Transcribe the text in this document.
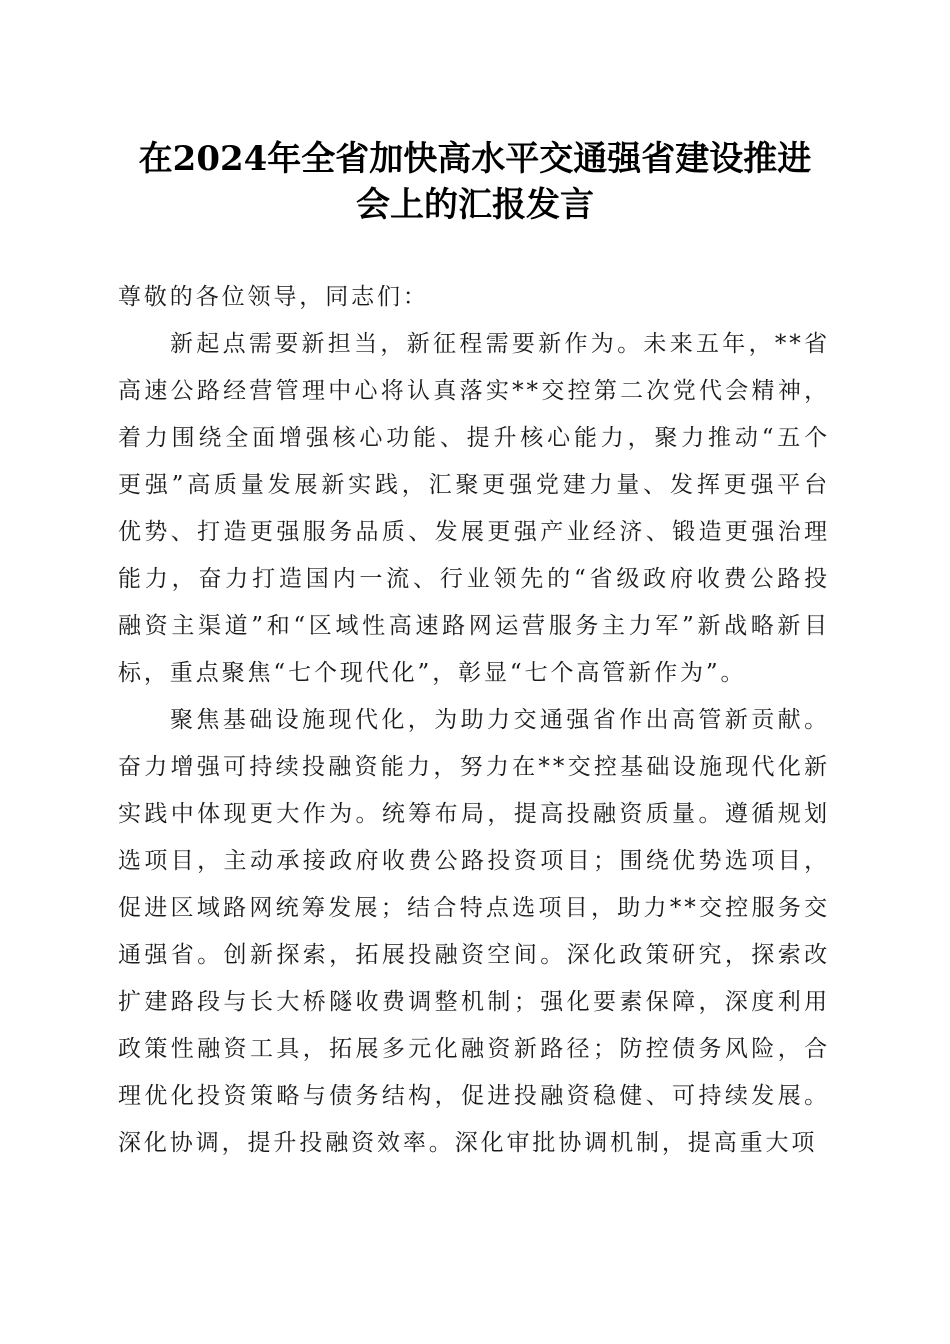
在2024年全省加快高水平交通强省建设推进
会上的汇报发言

尊敬的各位领导，同志们：

新起点需要新担当，新征程需要新作为。未来五年，**省高速公路经营管理中心将认真落实**交控第二次党代会精神，着力围绕全面增强核心功能、提升核心能力，聚力推动“五个更强”高质量发展新实践，汇聚更强党建力量、发挥更强平台优势、打造更强服务品质、发展更强产业经济、锻造更强治理能力，奋力打造国内一流、行业领先的“省级政府收费公路投融资主渠道”和“区域性高速路网运营服务主力军”新战略新目标，重点聚焦“七个现代化”，彰显“七个高管新作为”。

聚焦基础设施现代化，为助力交通强省作出高管新贡献。奋力增强可持续投融资能力，努力在**交控基础设施现代化新实践中体现更大作为。统筹布局，提高投融资质量。遵循规划选项目，主动承接政府收费公路投资项目；围绕优势选项目，促进区域路网统筹发展；结合特点选项目，助力**交控服务交通强省。创新探索，拓展投融资空间。深化政策研究，探索改扩建路段与长大桥隧收费调整机制；强化要素保障，深度利用政策性融资工具，拓展多元化融资新路径；防控债务风险，合理优化投资策略与债务结构，促进投融资稳健、可持续发展。深化协调，提升投融资效率。深化审批协调机制，提高重大项
